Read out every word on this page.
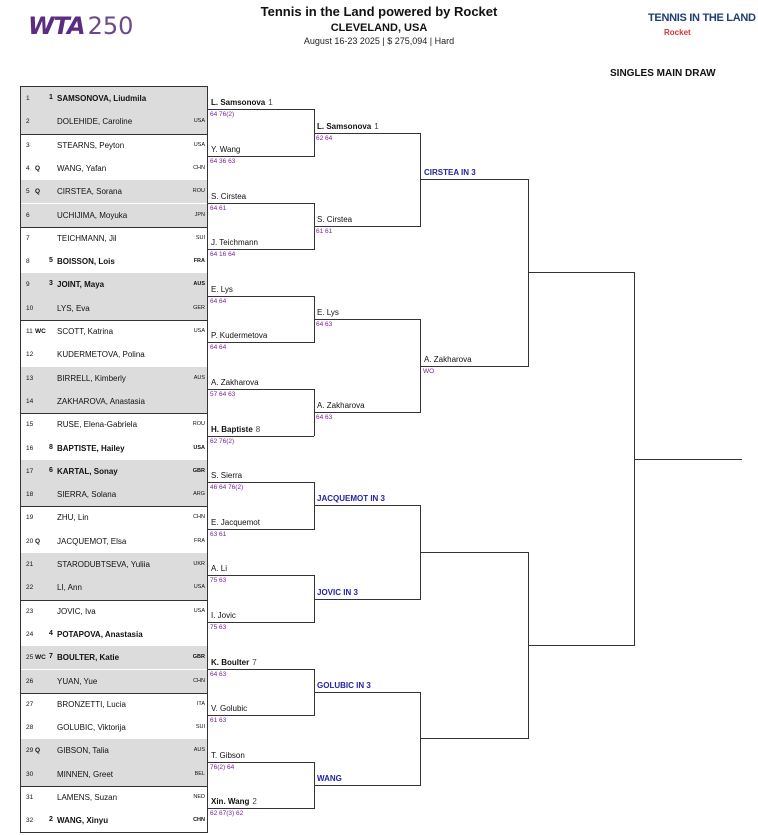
WTA 250
Tennis in the Land powered by Rocket
CLEVELAND, USA
August 16-23 2025 | $ 275,094 | Hard
TENNIS IN THE LAND
Rocket
SINGLES MAIN DRAW
1	1 SAMSONOVA, Liudmila
2	DOLEHIDE, Caroline	USA
3	STEARNS, Peyton	USA
4 Q WANG, Yafan	CHN
5 Q CIRSTEA, Sorana	ROU
6	UCHIJIMA, Moyuka	JPN
7	TEICHMANN, Jil	SUI
8	5 BOISSON, Lois	FRA
9	3 JOINT, Maya	AUS
10	LYS, Eva	GER
11 WC SCOTT, Katrina	USA
12	KUDERMETOVA, Polina
13	BIRRELL, Kimberly	AUS
14	ZAKHAROVA, Anastasia
15	RUSE, Elena-Gabriela	ROU
16 8 BAPTISTE, Hailey	USA
17 6 KARTAL, Sonay	GBR
18	SIERRA, Solana	ARG
19	ZHU, Lin	CHN
20 Q JACQUEMOT, Elsa	FRA
21	STARODUBTSEVA, Yuliia	UKR
22	LI, Ann	USA
23	JOVIC, Iva	USA
24 4 POTAPOVA, Anastasia
25 WC 7 BOULTER, Katie	GBR
26	YUAN, Yue	CHN
27	BRONZETTI, Lucia	ITA
28	GOLUBIC, Viktorija	SUI
29 Q GIBSON, Talia	AUS
30	MINNEN, Greet	BEL
31	LAMENS, Suzan	NED
32 2 WANG, Xinyu	CHN
L. Samsonova 1
64 76(2)
Y. Wang
64 36 63
S. Cirstea
64 61
J. Teichmann
64 16 64
E. Lys
64 64
P. Kudermetova
64 64
A. Zakharova
57 64 63
H. Baptiste 8
62 76(2)
S. Sierra
46 64 76(2)
E. Jacquemot
63 61
A. Li
75 63
I. Jovic
75 63
K. Boulter 7
64 63
V. Golubic
61 63
T. Gibson
76(2) 64
Xin. Wang 2
62 67(3) 62
L. Samsonova 1
62 64
S. Cirstea
61 61
E. Lys
64 63
A. Zakharova
64 63
JACQUEMOT IN 3
JOVIC IN 3
GOLUBIC IN 3
WANG
CIRSTEA IN 3
A. Zakharova
WO
